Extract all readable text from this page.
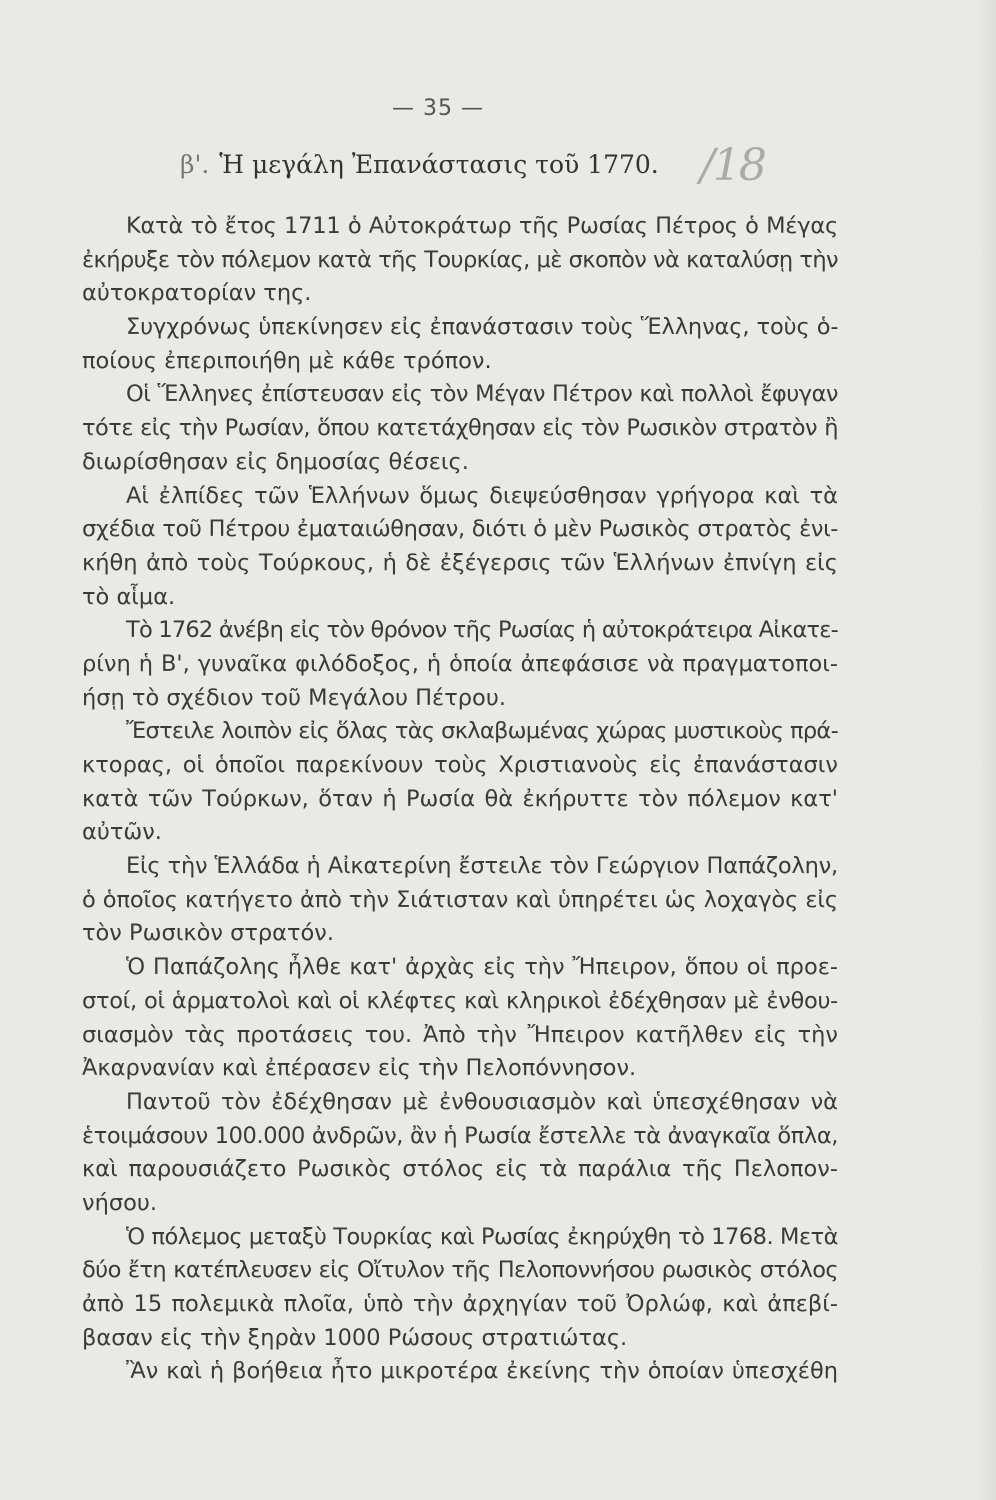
— 35 —
β'. Ἡ μεγάλη Ἐπανάστασις τοῦ 1770. /18
Κατὰ τὸ ἔτος 1711 ὁ Αὐτοκράτωρ τῆς Ρωσίας Πέτρος ὁ Μέγας
ἐκήρυξε τὸν πόλεμον κατὰ τῆς Τουρκίας, μὲ σκοπὸν νὰ καταλύσῃ τὴν
αὐτοκρατορίαν της.
Συγχρόνως ὑπεκίνησεν εἰς ἐπανάστασιν τοὺς Ἕλληνας, τοὺς ὁ-
ποίους ἐπεριποιήθη μὲ κάθε τρόπον.
Οἱ Ἕλληνες ἐπίστευσαν εἰς τὸν Μέγαν Πέτρον καὶ πολλοὶ ἔφυγαν
τότε εἰς τὴν Ρωσίαν, ὅπου κατετάχθησαν εἰς τὸν Ρωσικὸν στρατὸν ἢ
διωρίσθησαν εἰς δημοσίας θέσεις.
Αἱ ἐλπίδες τῶν Ἑλλήνων ὅμως διεψεύσθησαν γρήγορα καὶ τὰ
σχέδια τοῦ Πέτρου ἐματαιώθησαν, διότι ὁ μὲν Ρωσικὸς στρατὸς ἐνι-
κήθη ἀπὸ τοὺς Τούρκους, ἡ δὲ ἐξέγερσις τῶν Ἑλλήνων ἐπνίγη εἰς
τὸ αἷμα.
Τὸ 1762 ἀνέβη εἰς τὸν θρόνον τῆς Ρωσίας ἡ αὐτοκράτειρα Αἰκατε-
ρίνη ἡ Β', γυναῖκα φιλόδοξος, ἡ ὁποία ἀπεφάσισε νὰ πραγματοποι-
ήσῃ τὸ σχέδιον τοῦ Μεγάλου Πέτρου.
Ἔστειλε λοιπὸν εἰς ὅλας τὰς σκλαβωμένας χώρας μυστικοὺς πρά-
κτορας, οἱ ὁποῖοι παρεκίνουν τοὺς Χριστιανοὺς εἰς ἐπανάστασιν
κατὰ τῶν Τούρκων, ὅταν ἡ Ρωσία θὰ ἐκήρυττε τὸν πόλεμον κατ'
αὐτῶν.
Εἰς τὴν Ἑλλάδα ἡ Αἰκατερίνη ἔστειλε τὸν Γεώργιον Παπάζολην,
ὁ ὁποῖος κατήγετο ἀπὸ τὴν Σιάτισταν καὶ ὑπηρέτει ὡς λοχαγὸς εἰς
τὸν Ρωσικὸν στρατόν.
Ὁ Παπάζολης ἦλθε κατ' ἀρχὰς εἰς τὴν Ἤπειρον, ὅπου οἱ προε-
στοί, οἱ ἁρματολοὶ καὶ οἱ κλέφτες καὶ κληρικοὶ ἐδέχθησαν μὲ ἐνθου-
σιασμὸν τὰς προτάσεις του. Ἀπὸ τὴν Ἤπειρον κατῆλθεν εἰς τὴν
Ἀκαρνανίαν καὶ ἐπέρασεν εἰς τὴν Πελοπόννησον.
Παντοῦ τὸν ἐδέχθησαν μὲ ἐνθουσιασμὸν καὶ ὑπεσχέθησαν νὰ
ἑτοιμάσουν 100.000 ἀνδρῶν, ἂν ἡ Ρωσία ἔστελλε τὰ ἀναγκαῖα ὅπλα,
καὶ παρουσιάζετο Ρωσικὸς στόλος εἰς τὰ παράλια τῆς Πελοπον-
νήσου.
Ὁ πόλεμος μεταξὺ Τουρκίας καὶ Ρωσίας ἐκηρύχθη τὸ 1768. Μετὰ
δύο ἔτη κατέπλευσεν εἰς Οἴτυλον τῆς Πελοποννήσου ρωσικὸς στόλος
ἀπὸ 15 πολεμικὰ πλοῖα, ὑπὸ τὴν ἀρχηγίαν τοῦ Ὀρλώφ, καὶ ἀπεβί-
βασαν εἰς τὴν ξηρὰν 1000 Ρώσους στρατιώτας.
Ἂν καὶ ἡ βοήθεια ἦτο μικροτέρα ἐκείνης τὴν ὁποίαν ὑπεσχέθη
